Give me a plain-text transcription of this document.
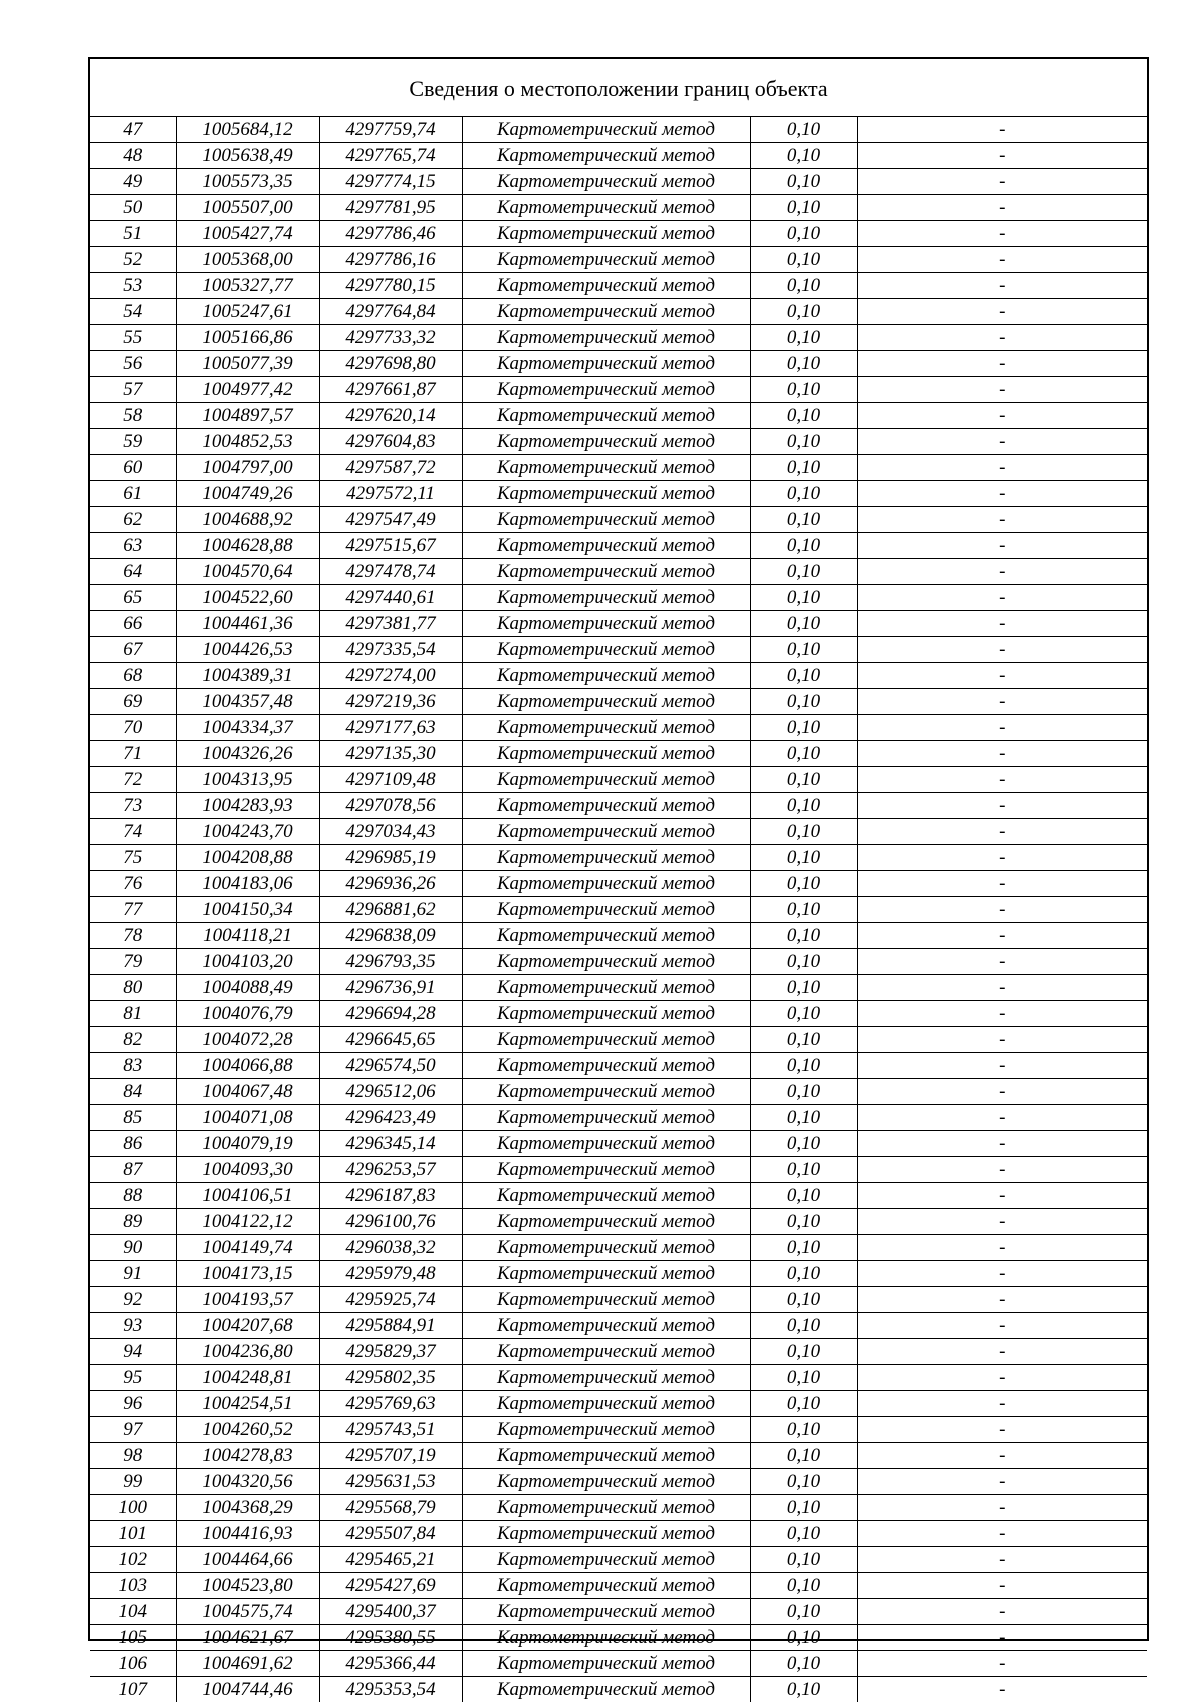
Сведения о местоположении границ объекта
47	1005684,12	4297759,74	Картометрический метод	0,10	-
48	1005638,49	4297765,74	Картометрический метод	0,10	-
49	1005573,35	4297774,15	Картометрический метод	0,10	-
50	1005507,00	4297781,95	Картометрический метод	0,10	-
51	1005427,74	4297786,46	Картометрический метод	0,10	-
52	1005368,00	4297786,16	Картометрический метод	0,10	-
53	1005327,77	4297780,15	Картометрический метод	0,10	-
54	1005247,61	4297764,84	Картометрический метод	0,10	-
55	1005166,86	4297733,32	Картометрический метод	0,10	-
56	1005077,39	4297698,80	Картометрический метод	0,10	-
57	1004977,42	4297661,87	Картометрический метод	0,10	-
58	1004897,57	4297620,14	Картометрический метод	0,10	-
59	1004852,53	4297604,83	Картометрический метод	0,10	-
60	1004797,00	4297587,72	Картометрический метод	0,10	-
61	1004749,26	4297572,11	Картометрический метод	0,10	-
62	1004688,92	4297547,49	Картометрический метод	0,10	-
63	1004628,88	4297515,67	Картометрический метод	0,10	-
64	1004570,64	4297478,74	Картометрический метод	0,10	-
65	1004522,60	4297440,61	Картометрический метод	0,10	-
66	1004461,36	4297381,77	Картометрический метод	0,10	-
67	1004426,53	4297335,54	Картометрический метод	0,10	-
68	1004389,31	4297274,00	Картометрический метод	0,10	-
69	1004357,48	4297219,36	Картометрический метод	0,10	-
70	1004334,37	4297177,63	Картометрический метод	0,10	-
71	1004326,26	4297135,30	Картометрический метод	0,10	-
72	1004313,95	4297109,48	Картометрический метод	0,10	-
73	1004283,93	4297078,56	Картометрический метод	0,10	-
74	1004243,70	4297034,43	Картометрический метод	0,10	-
75	1004208,88	4296985,19	Картометрический метод	0,10	-
76	1004183,06	4296936,26	Картометрический метод	0,10	-
77	1004150,34	4296881,62	Картометрический метод	0,10	-
78	1004118,21	4296838,09	Картометрический метод	0,10	-
79	1004103,20	4296793,35	Картометрический метод	0,10	-
80	1004088,49	4296736,91	Картометрический метод	0,10	-
81	1004076,79	4296694,28	Картометрический метод	0,10	-
82	1004072,28	4296645,65	Картометрический метод	0,10	-
83	1004066,88	4296574,50	Картометрический метод	0,10	-
84	1004067,48	4296512,06	Картометрический метод	0,10	-
85	1004071,08	4296423,49	Картометрический метод	0,10	-
86	1004079,19	4296345,14	Картометрический метод	0,10	-
87	1004093,30	4296253,57	Картометрический метод	0,10	-
88	1004106,51	4296187,83	Картометрический метод	0,10	-
89	1004122,12	4296100,76	Картометрический метод	0,10	-
90	1004149,74	4296038,32	Картометрический метод	0,10	-
91	1004173,15	4295979,48	Картометрический метод	0,10	-
92	1004193,57	4295925,74	Картометрический метод	0,10	-
93	1004207,68	4295884,91	Картометрический метод	0,10	-
94	1004236,80	4295829,37	Картометрический метод	0,10	-
95	1004248,81	4295802,35	Картометрический метод	0,10	-
96	1004254,51	4295769,63	Картометрический метод	0,10	-
97	1004260,52	4295743,51	Картометрический метод	0,10	-
98	1004278,83	4295707,19	Картометрический метод	0,10	-
99	1004320,56	4295631,53	Картометрический метод	0,10	-
100	1004368,29	4295568,79	Картометрический метод	0,10	-
101	1004416,93	4295507,84	Картометрический метод	0,10	-
102	1004464,66	4295465,21	Картометрический метод	0,10	-
103	1004523,80	4295427,69	Картометрический метод	0,10	-
104	1004575,74	4295400,37	Картометрический метод	0,10	-
105	1004621,67	4295380,55	Картометрический метод	0,10	-
106	1004691,62	4295366,44	Картометрический метод	0,10	-
107	1004744,46	4295353,54	Картометрический метод	0,10	-
